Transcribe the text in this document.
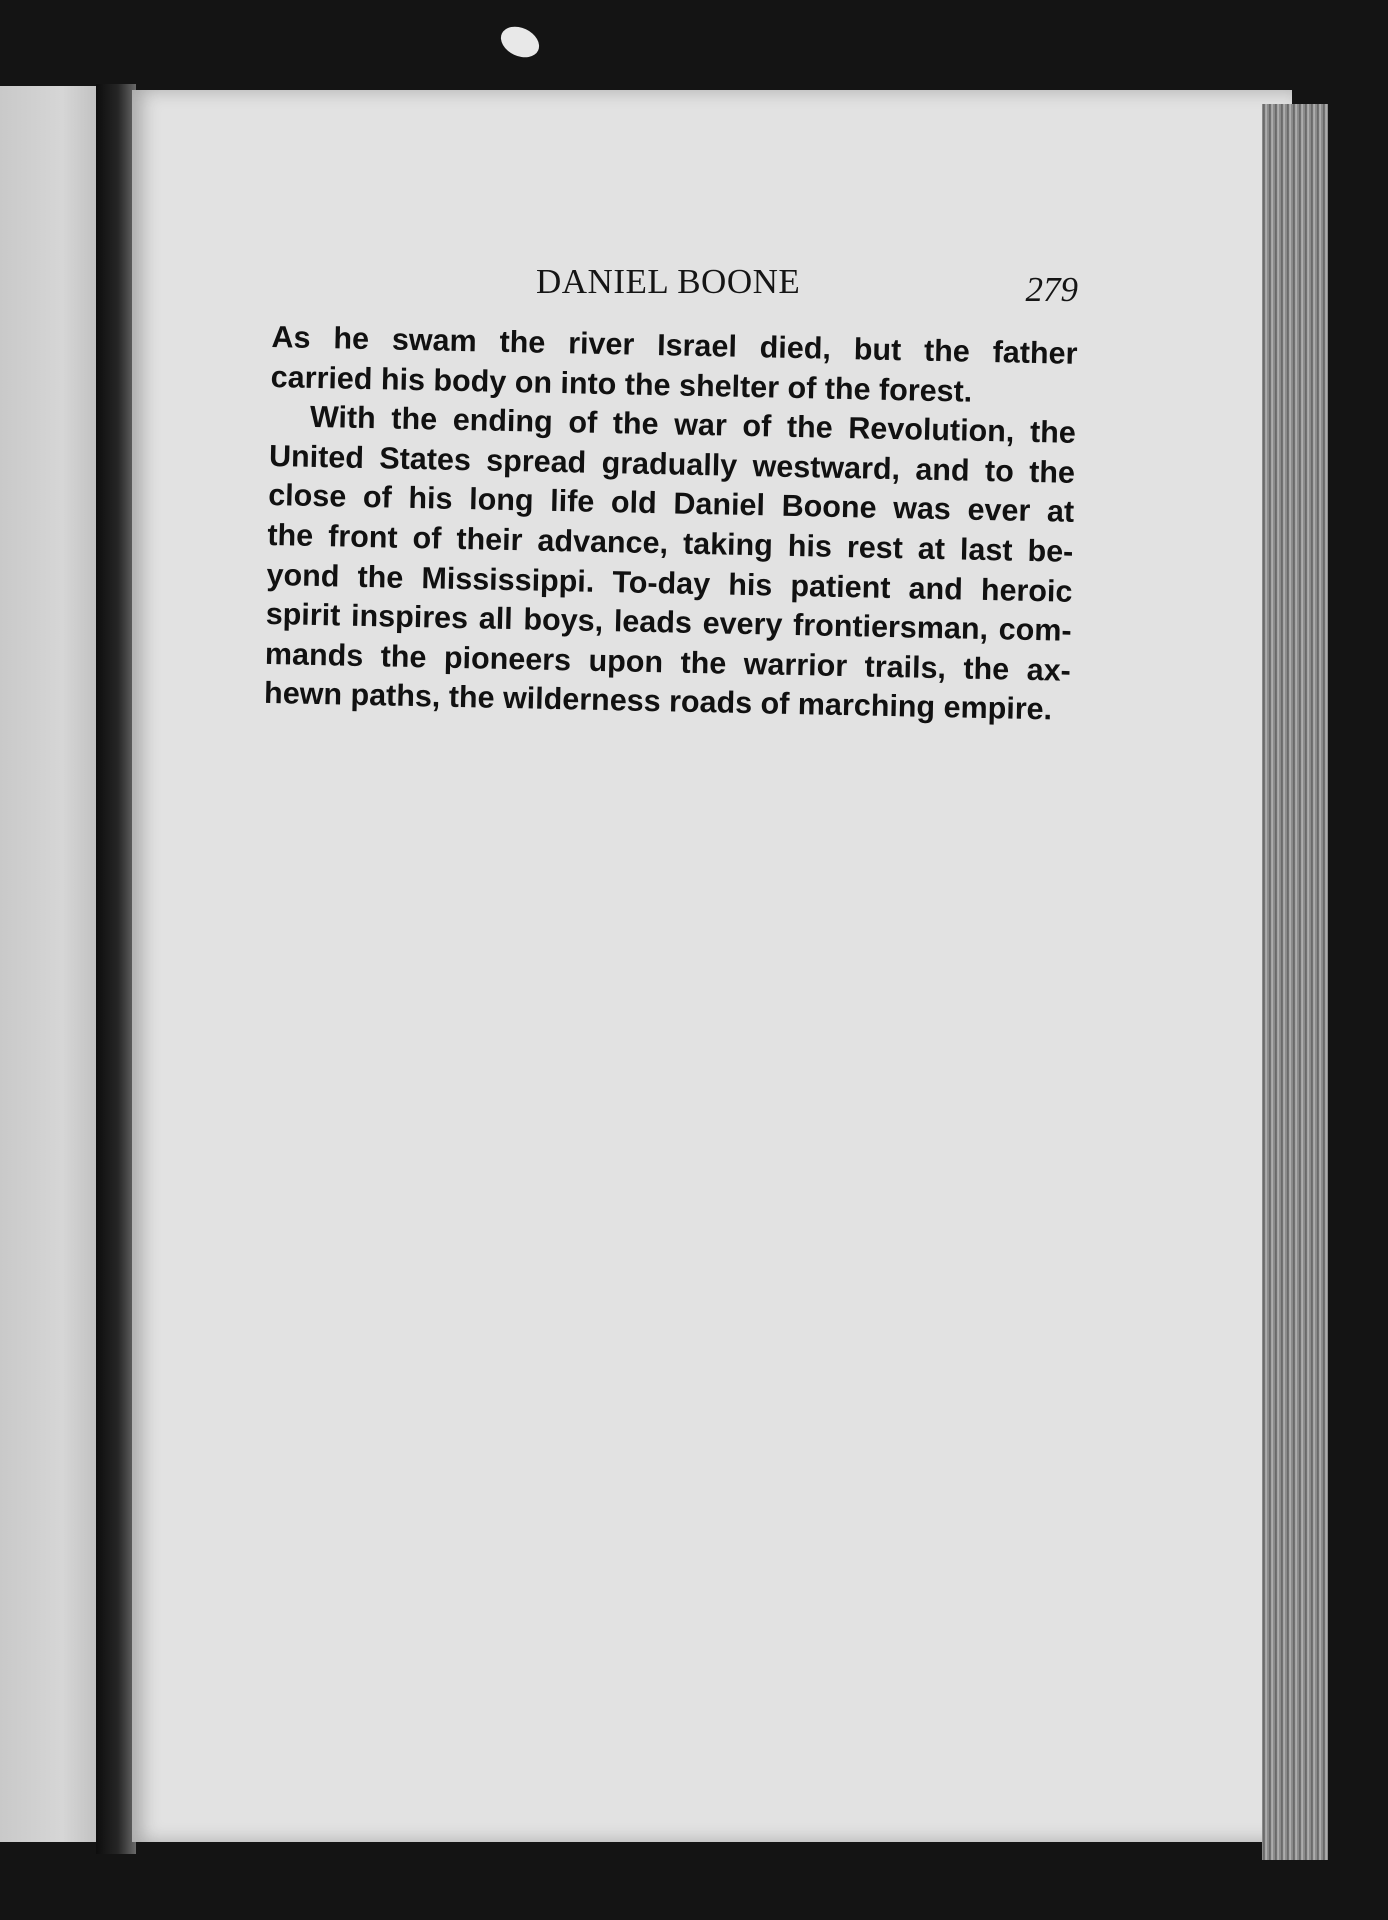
DANIEL BOONE	279
As he swam the river Israel died, but the father
carried his body on into the shelter of the forest.
With the ending of the war of the Revolution, the
United States spread gradually westward, and to the
close of his long life old Daniel Boone was ever at
the front of their advance, taking his rest at last be-
yond the Mississippi. To-day his patient and heroic
spirit inspires all boys, leads every frontiersman, com-
mands the pioneers upon the warrior trails, the ax-
hewn paths, the wilderness roads of marching empire.
